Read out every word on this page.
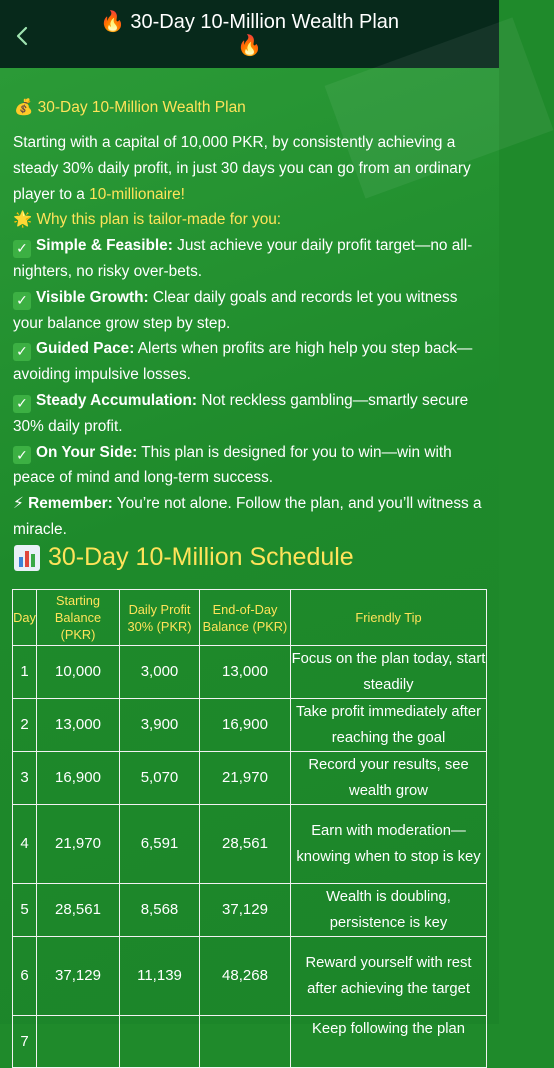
🔥 30-Day 10-Million Wealth Plan 🔥
💰 30-Day 10-Million Wealth Plan

Starting with a capital of 10,000 PKR, by consistently achieving a steady 30% daily profit, in just 30 days you can go from an ordinary player to a 10-millionaire!

🌟 Why this plan is tailor-made for you:

✓ Simple & Feasible: Just achieve your daily profit target—no all-nighters, no risky over-bets.

✓ Visible Growth: Clear daily goals and records let you witness your balance grow step by step.

✓ Guided Pace: Alerts when profits are high help you step back—avoiding impulsive losses.

✓ Steady Accumulation: Not reckless gambling—smartly secure 30% daily profit.

✓ On Your Side: This plan is designed for you to win—win with peace of mind and long-term success.

⚡ Remember: You’re not alone. Follow the plan, and you’ll witness a miracle.

30-Day 10-Million Schedule
Day	Starting Balance (PKR)	Daily Profit 30% (PKR)	End-of-Day Balance (PKR)	Friendly Tip
1	10,000	3,000	13,000	Focus on the plan today, start steadily
2	13,000	3,900	16,900	Take profit immediately after reaching the goal
3	16,900	5,070	21,970	Record your results, see wealth grow
4	21,970	6,591	28,561	Earn with moderation—knowing when to stop is key
5	28,561	8,568	37,129	Wealth is doubling, persistence is key
6	37,129	11,139	48,268	Reward yourself with rest after achieving the target
7				Keep following the plan
